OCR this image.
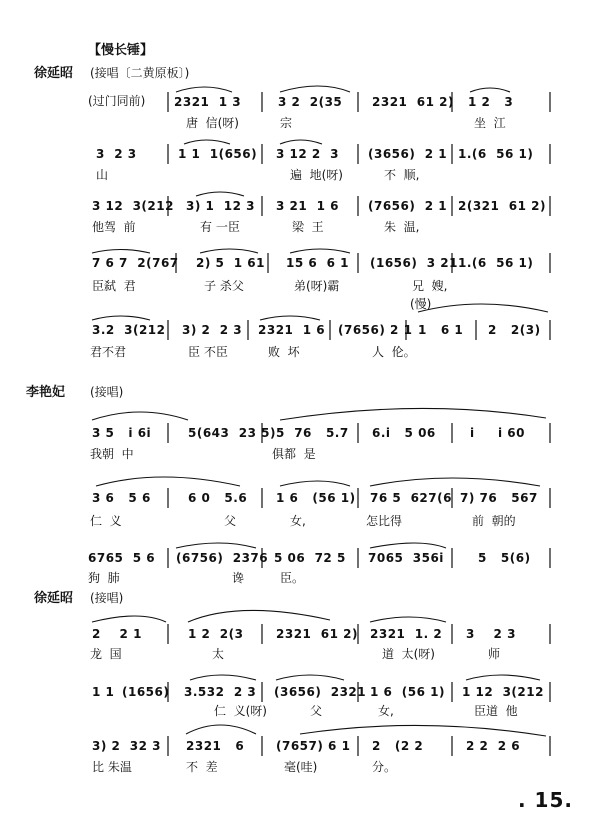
【慢长锤】
徐延昭 (接唱〔二黄原板〕)
(过门同前)
李艳妃 (接唱)
徐延昭 (接唱)
(慢)
2321  1 3	3 2  2(35 2321  61 2) 1 2   3
唐  信(呀)	宗	坐  江
3  2 3	1 1  1(656) 3 12 2  3 (3656)  2 1 1.(6  56 1)
山	遍  地(呀)	不  顺,
3 12  3(212 3) 1  12 3 3 21  1 6 (7656)  2 1 2(321  61 2)
他驾  前	有 一臣	梁  王	朱  温,
7 6 7  2(767 2) 5  1 61 15 6  6 1 (1656)  3 21 1.(6  56 1)
臣弑  君	子 杀父	弟(呀)霸	兄  嫂,
3.2  3(212 3) 2  2 3 2321  1 6 (7656) 2 1 1   6 1 2   2(3)
君不君	臣 不臣	败  坏	人  伦。
3 5   i 6i	5(643  23 5) 5  76   5.7 6.i   5 06	i     i 60
我朝  中	俱都  是
3 6   5 6	6 0   5.6 1 6   (56 1) 76 5  627(6 7) 76   567
仁  义	父	女,	怎比得	前  朝的
6765  5 6 (6756)  2376 5 06  72 5 7065  356i	5   5(6)
狗  肺	谗	臣。
2    2 1	1 2  2(3	2321  61 2) 2321  1. 2 3    2 3
龙  国	太	道  太(呀)	师
1 1 (1656) 3.532  2 3 (3656)  2321 1 6  (56 1) 1 12  3(212
仁  义(呀)	父	女,	臣道  他
3) 2  32 3 2321   6	(7657) 6 1 2   (2 2	2 2  2 6
比 朱温	不  差	毫(哇)	分。
. 15.
